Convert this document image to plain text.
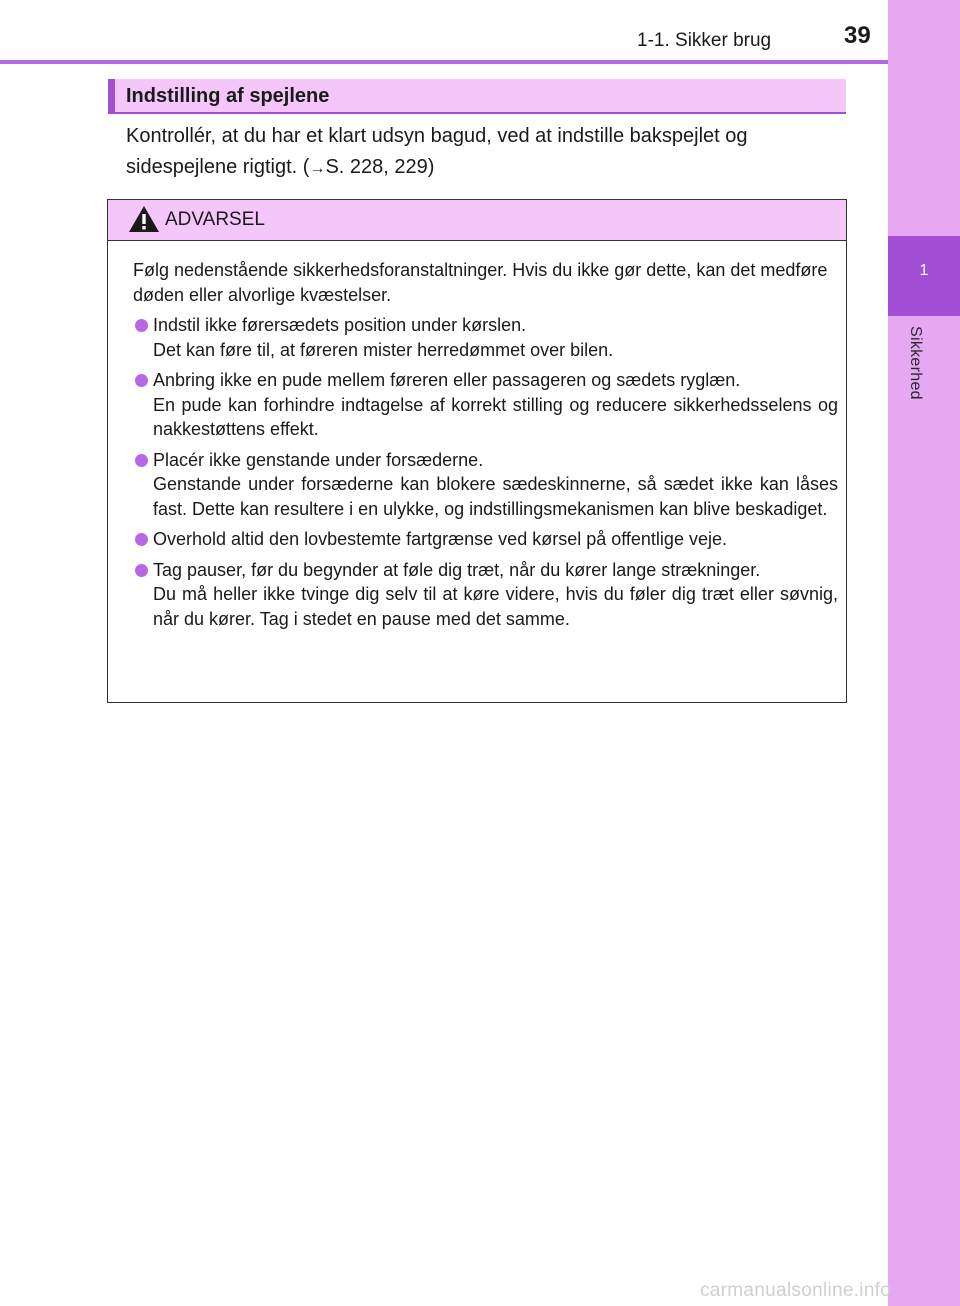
1-1. Sikker brug	39
1
Sikkerhed
Indstilling af spejlene

Kontrollér, at du har et klart udsyn bagud, ved at indstille bakspejlet og sidespejlene rigtigt. (→S. 228, 229)

ADVARSEL

Følg nedenstående sikkerhedsforanstaltninger. Hvis du ikke gør dette, kan det medføre døden eller alvorlige kvæstelser.

Indstil ikke førersædets position under kørslen.
Det kan føre til, at føreren mister herredømmet over bilen.
Anbring ikke en pude mellem føreren eller passageren og sædets ryglæn.
En pude kan forhindre indtagelse af korrekt stilling og reducere sikkerhedsselens og nakkestøttens effekt.
Placér ikke genstande under forsæderne.
Genstande under forsæderne kan blokere sædeskinnerne, så sædet ikke kan låses fast. Dette kan resultere i en ulykke, og indstillingsmekanismen kan blive beskadiget.
Overhold altid den lovbestemte fartgrænse ved kørsel på offentlige veje.
Tag pauser, før du begynder at føle dig træt, når du kører lange strækninger.
Du må heller ikke tvinge dig selv til at køre videre, hvis du føler dig træt eller søvnig, når du kører. Tag i stedet en pause med det samme.
carmanualsonline.info
